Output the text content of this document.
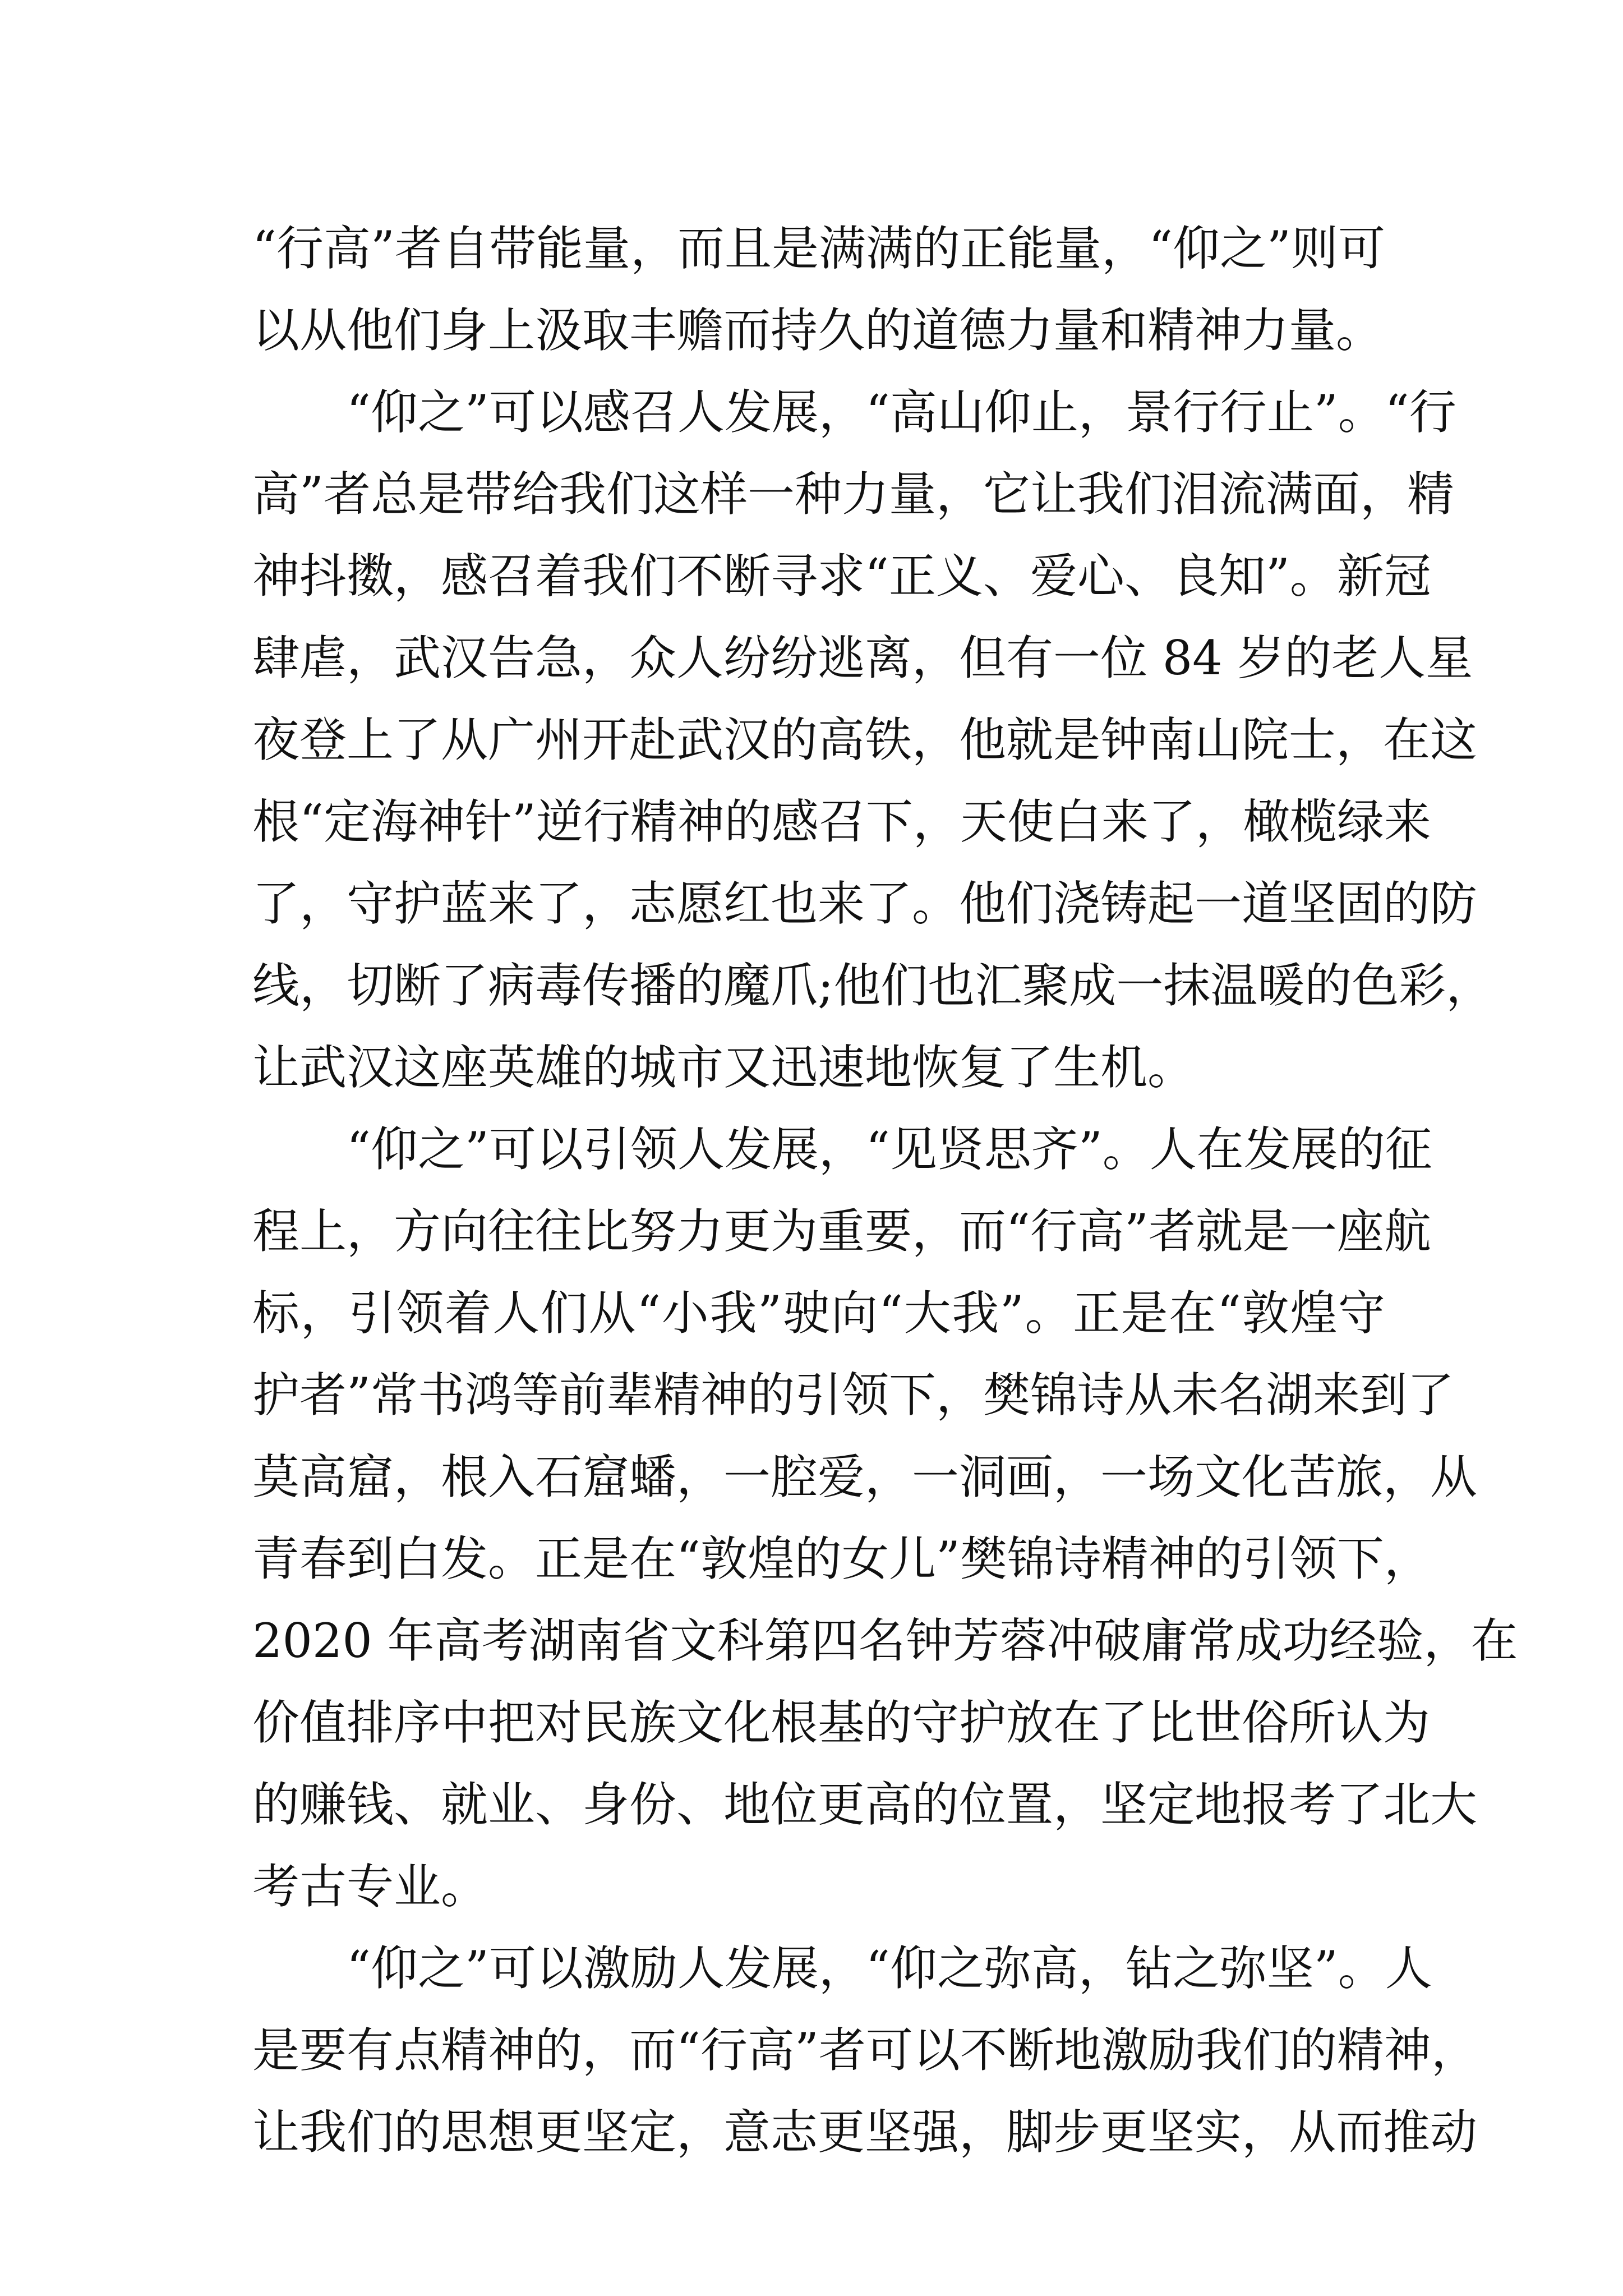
“行高”者自带能量，而且是满满的正能量，“仰之”则可
以从他们身上汲取丰赡而持久的道德力量和精神力量。
“仰之”可以感召人发展，“高山仰止，景行行止”。“行
高”者总是带给我们这样一种力量，它让我们泪流满面，精
神抖擞，感召着我们不断寻求“正义、爱心、良知”。新冠
肆虐，武汉告急，众人纷纷逃离，但有一位 84 岁的老人星
夜登上了从广州开赴武汉的高铁，他就是钟南山院士，在这
根“定海神针”逆行精神的感召下，天使白来了，橄榄绿来
了，守护蓝来了，志愿红也来了。他们浇铸起一道坚固的防
线，切断了病毒传播的魔爪;他们也汇聚成一抹温暖的色彩，
让武汉这座英雄的城市又迅速地恢复了生机。
“仰之”可以引领人发展，“见贤思齐”。人在发展的征
程上，方向往往比努力更为重要，而“行高”者就是一座航
标，引领着人们从“小我”驶向“大我”。正是在“敦煌守
护者”常书鸿等前辈精神的引领下，樊锦诗从未名湖来到了
莫高窟，根入石窟蟠，一腔爱，一洞画，一场文化苦旅，从
青春到白发。正是在“敦煌的女儿”樊锦诗精神的引领下，
2020 年高考湖南省文科第四名钟芳蓉冲破庸常成功经验，在
价值排序中把对民族文化根基的守护放在了比世俗所认为
的赚钱、就业、身份、地位更高的位置，坚定地报考了北大
考古专业。
“仰之”可以激励人发展，“仰之弥高，钻之弥坚”。人
是要有点精神的，而“行高”者可以不断地激励我们的精神，
让我们的思想更坚定，意志更坚强，脚步更坚实，从而推动
